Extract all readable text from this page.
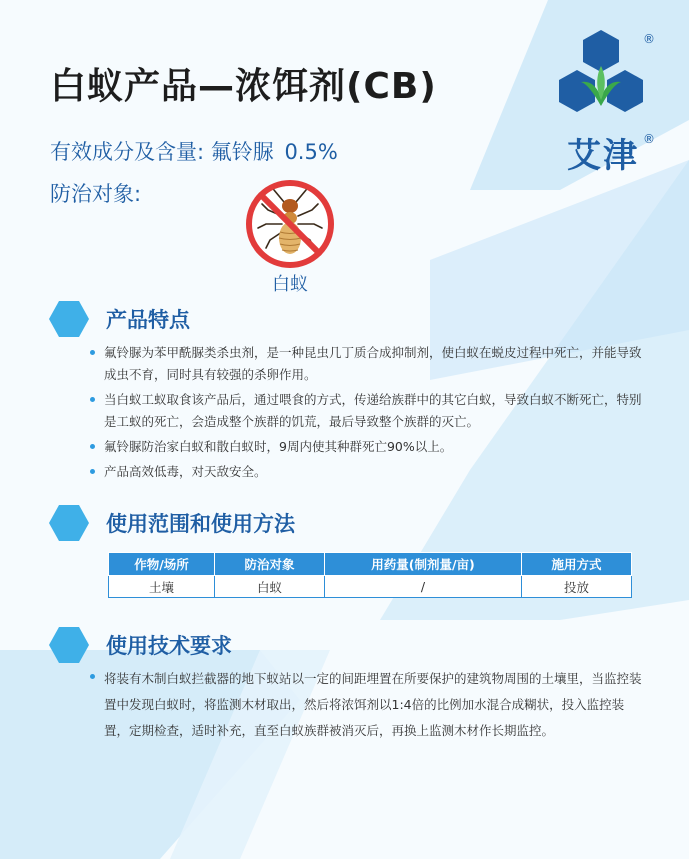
白蚁产品—浓饵剂(CB)
有效成分及含量: 氟铃脲 0.5%
防治对象:
白蚁
®
艾津 ®
产品特点
氟铃脲为苯甲酰脲类杀虫剂，是一种昆虫几丁质合成抑制剂，使白蚁在蜕皮过程中死亡，并能导致成虫不育，同时具有较强的杀卵作用。
当白蚁工蚁取食该产品后，通过喂食的方式，传递给族群中的其它白蚁，导致白蚁不断死亡，特别是工蚁的死亡，会造成整个族群的饥荒，最后导致整个族群的灭亡。
氟铃脲防治家白蚁和散白蚁时，9周内使其种群死亡90%以上。
产品高效低毒，对天敌安全。
使用范围和使用方法
作物/场所	防治对象	用药量(制剂量/亩)	施用方式
土壤	白蚁	/	投放
使用技术要求
将装有木制白蚁拦截器的地下蚁站以一定的间距埋置在所要保护的建筑物周围的土壤里，当监控装置中发现白蚁时，将监测木材取出，然后将浓饵剂以1:4倍的比例加水混合成糊状，投入监控装置，定期检查，适时补充，直至白蚁族群被消灭后，再换上监测木材作长期监控。
